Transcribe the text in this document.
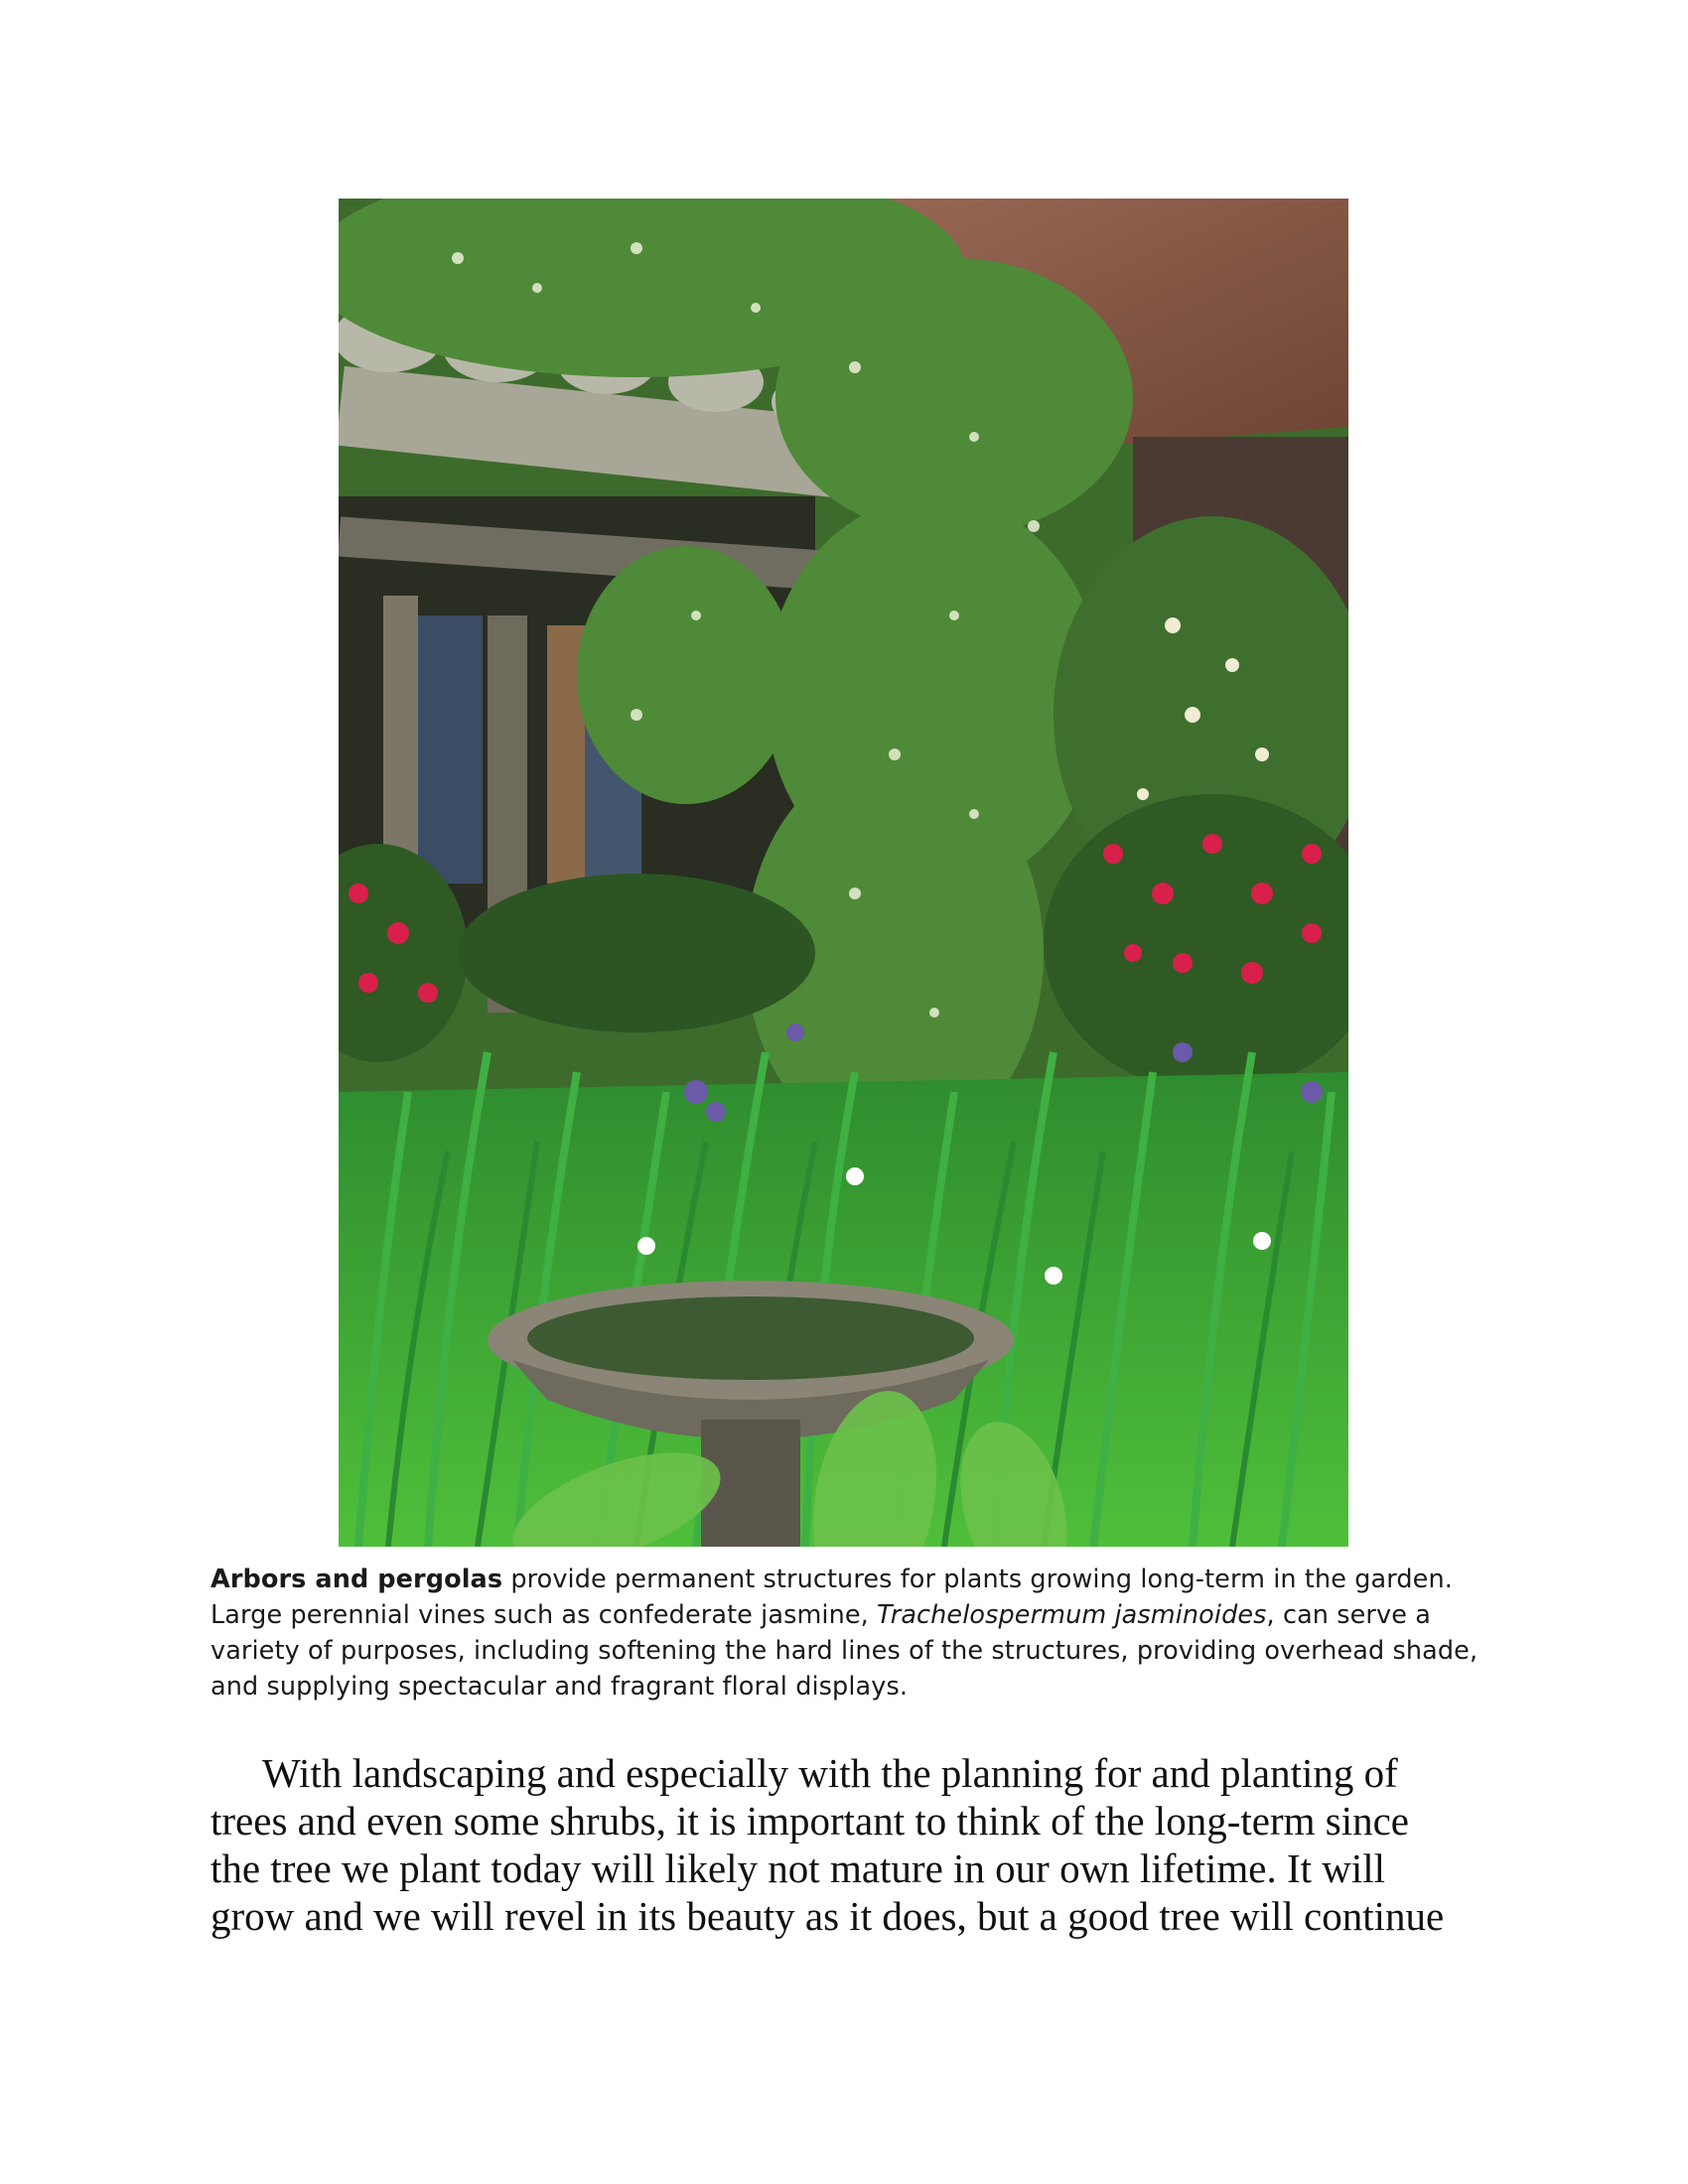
Arbors and pergolas provide permanent structures for plants growing long-term in the garden. Large perennial vines such as confederate jasmine, Trachelospermum jasminoides, can serve a variety of purposes, including softening the hard lines of the structures, providing overhead shade, and supplying spectacular and fragrant floral displays.
With landscaping and especially with the planning for and planting of
trees and even some shrubs, it is important to think of the long-term since
the tree we plant today will likely not mature in our own lifetime. It will
grow and we will revel in its beauty as it does, but a good tree will continue
